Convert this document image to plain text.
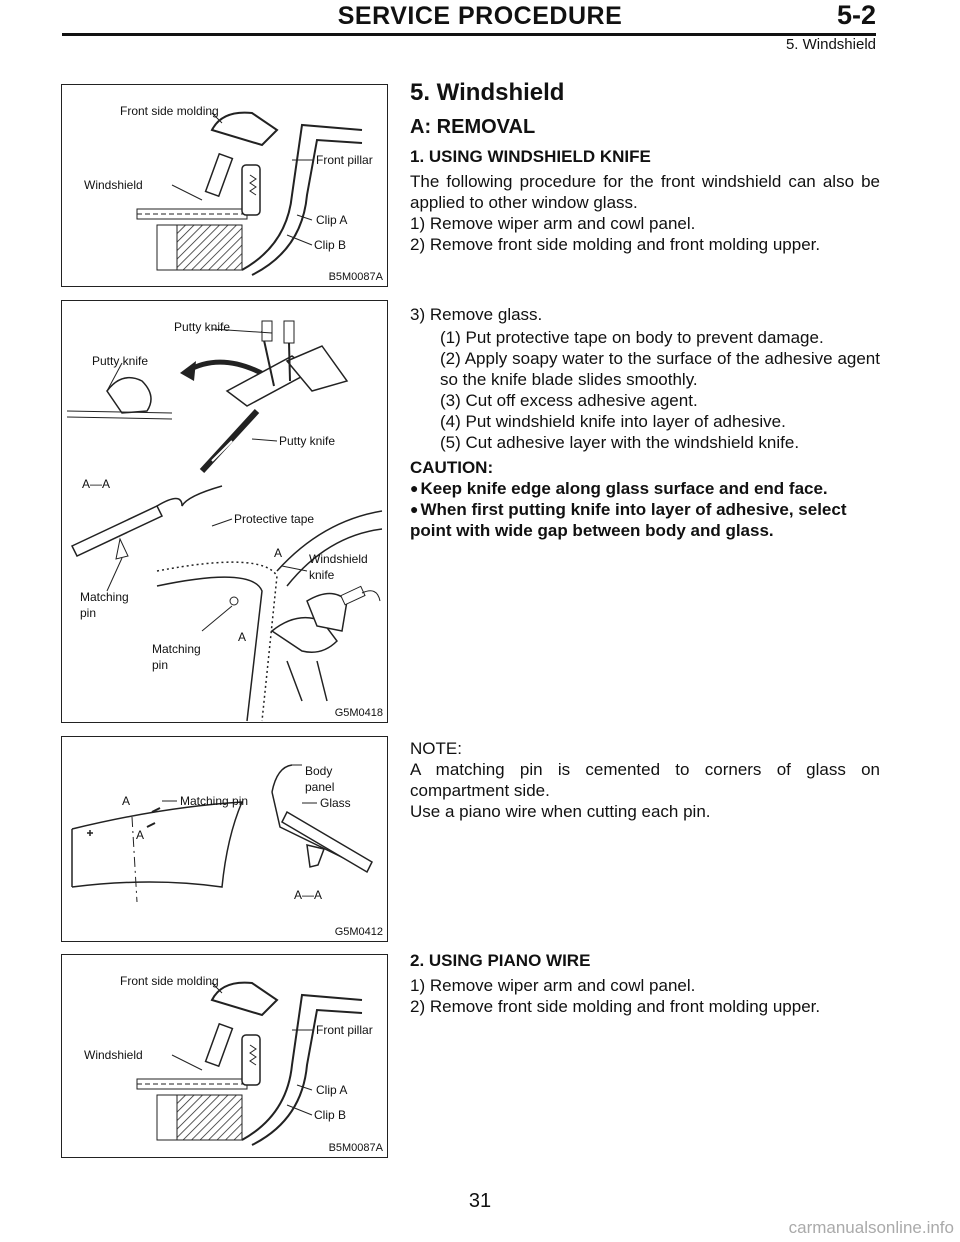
SERVICE PROCEDURE	5-2
5. Windshield
Front side molding
Front pillar
Windshield
Clip A
Clip B
B5M0087A
Putty knife
Putty knife
Putty knife
A—A
Protective tape
A Windshield
knife
Matching
pin
Matching
pin
A
G5M0418
A	Matching pin
A
Body
panel
Glass
A—A
G5M0412
Front side molding
Front pillar
Windshield
Clip A
Clip B
B5M0087A

5. Windshield

A: REMOVAL

1. USING WINDSHIELD KNIFE

The following procedure for the front windshield can also be applied to other window glass.

1) Remove wiper arm and cowl panel.

2) Remove front side molding and front molding upper.

3) Remove glass.

(1) Put protective tape on body to prevent damage.

(2) Apply soapy water to the surface of the adhesive agent so the knife blade slides smoothly.

(3) Cut off excess adhesive agent.

(4) Put windshield knife into layer of adhesive.

(5) Cut adhesive layer with the windshield knife.

CAUTION:

● Keep knife edge along glass surface and end face.

● When first putting knife into layer of adhesive, select point with wide gap between body and glass.

NOTE:

A matching pin is cemented to corners of glass on compartment side.

Use a piano wire when cutting each pin.

2. USING PIANO WIRE

1) Remove wiper arm and cowl panel.

2) Remove front side molding and front molding upper.

31
carmanualsonline.info
